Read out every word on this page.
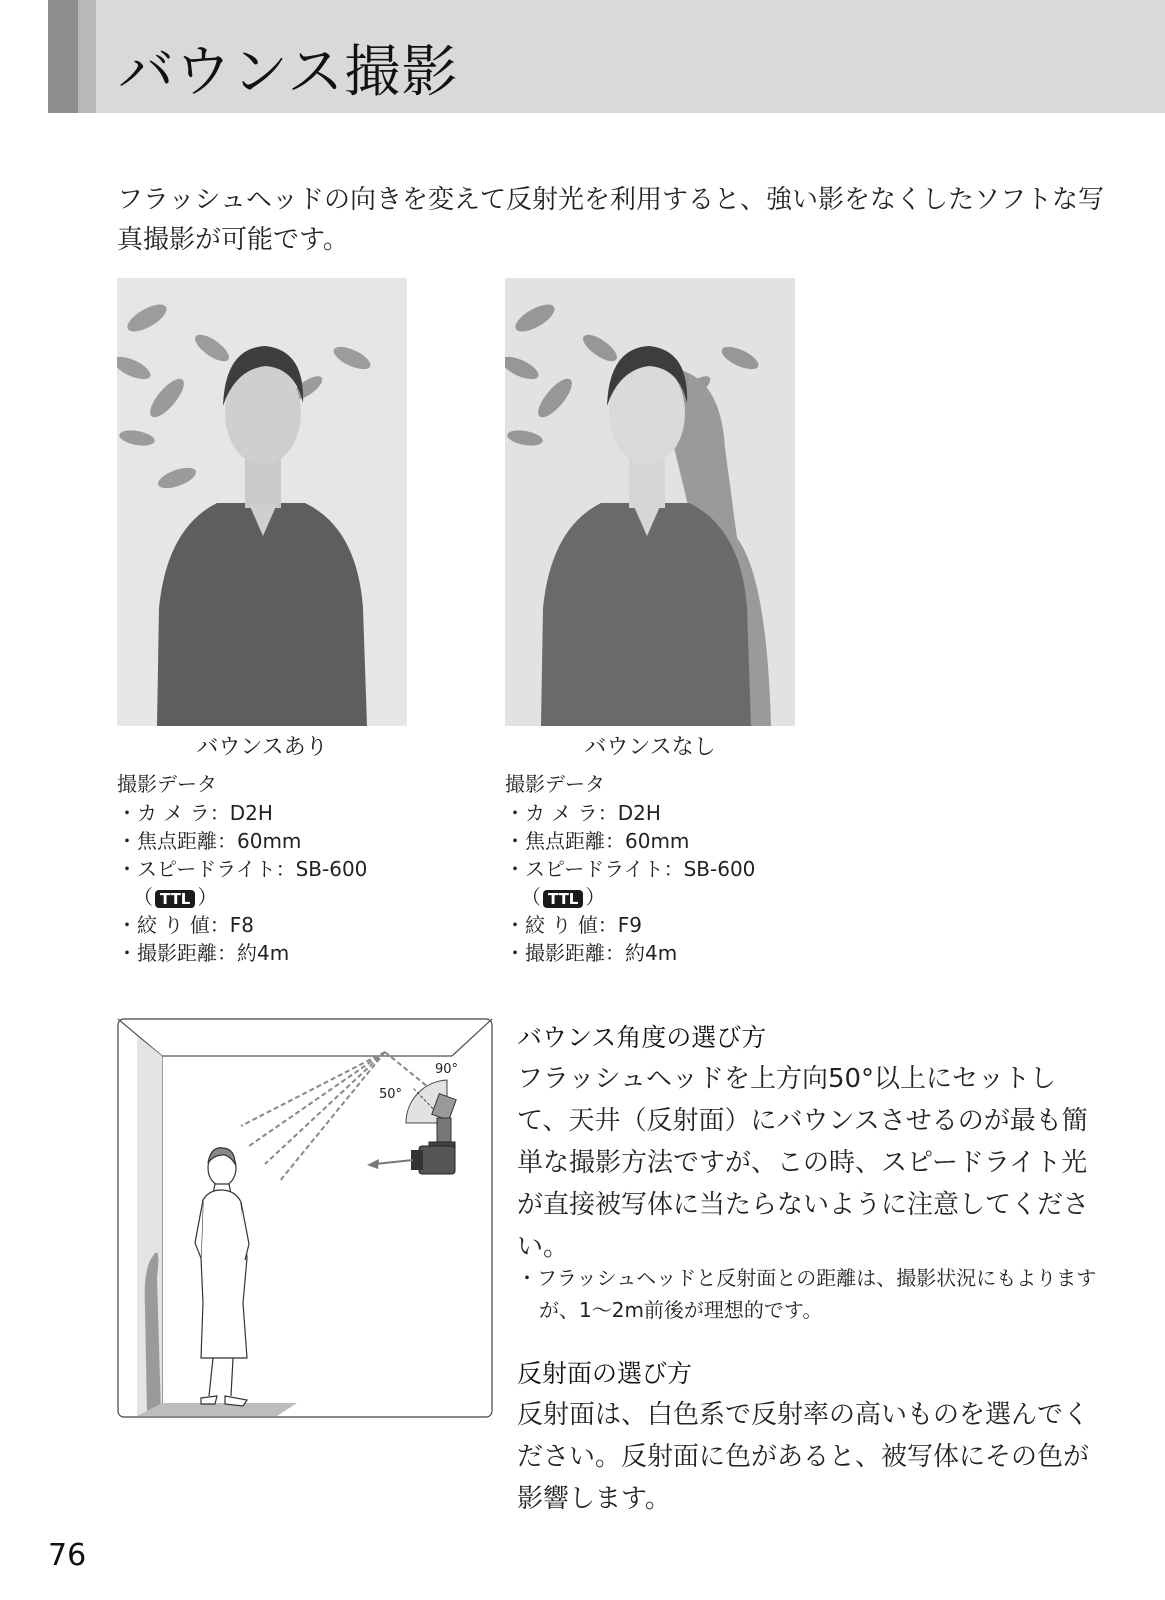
バウンス撮影

フラッシュヘッドの向きを変えて反射光を利用すると、強い影をなくしたソフトな写真撮影が可能です。

バウンスあり	バウンスなし
撮影データ
・カ メ ラ：D2H
・焦点距離：60mm
・スピードライト：SB-600
（ TTL ）
・絞 り 値：F8
・撮影距離：約4m
撮影データ
・カ メ ラ：D2H
・焦点距離：60mm
・スピードライト：SB-600
（ TTL ）
・絞 り 値：F9
・撮影距離：約4m
50°
90°
バウンス角度の選び方

フラッシュヘッドを上方向50°以上にセットして、天井（反射面）にバウンスさせるのが最も簡単な撮影方法ですが、この時、スピードライト光が直接被写体に当たらないように注意してください。

・フラッシュヘッドと反射面との距離は、撮影状況にもよりますが、1〜2m前後が理想的です。

反射面の選び方

反射面は、白色系で反射率の高いものを選んでください。反射面に色があると、被写体にその色が影響します。

76
